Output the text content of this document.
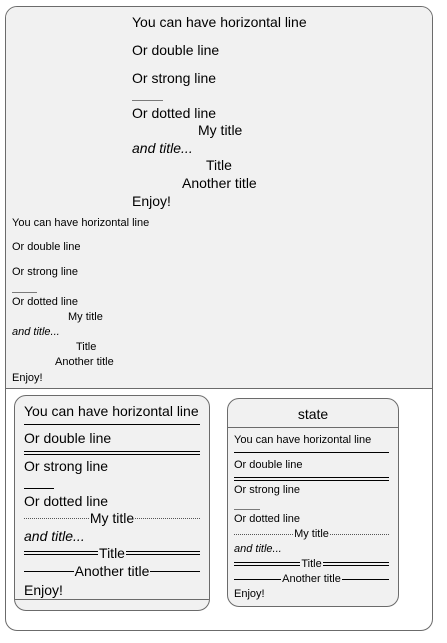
You can have horizontal line
Or double line
Or strong line
Or dotted line
My title
and title...
Title
Another title
Enjoy!
You can have horizontal line
Or double line
Or strong line
Or dotted line
My title
and title...
Title
Another title
Enjoy!
You can have horizontal line
Or double line
Or strong line
Or dotted line
My title
and title...
Title
Another title
Enjoy!
state
You can have horizontal line
Or double line
Or strong line
Or dotted line
My title
and title...
Title
Another title
Enjoy!
